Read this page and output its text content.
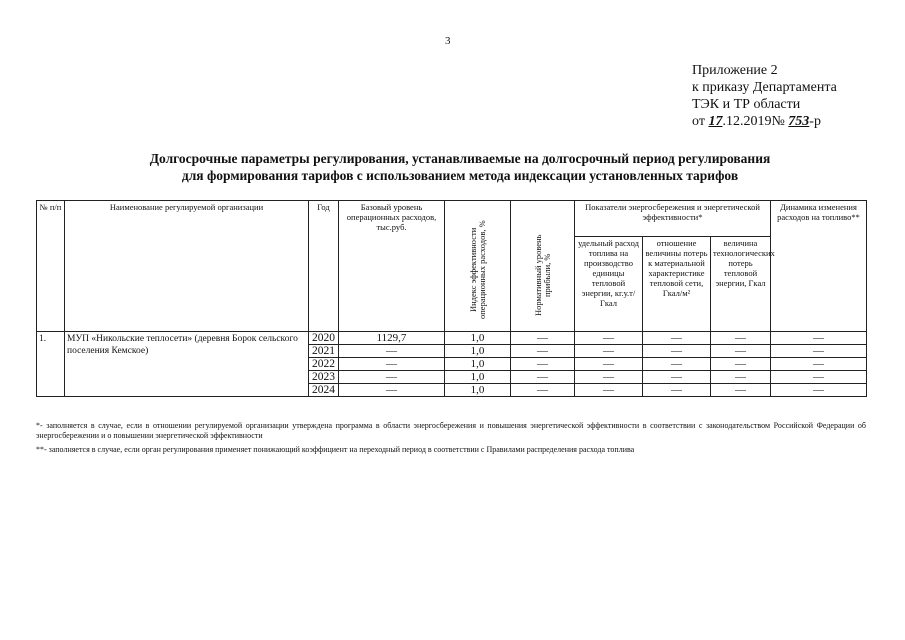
3
Приложение 2
к приказу Департамента
ТЭК и ТР области
от 17.12.2019№ 753-р
Долгосрочные параметры регулирования, устанавливаемые на долгосрочный период регулирования
для формирования тарифов с использованием метода индексации установленных тарифов
№ п/п	Наименование регулируемой организации	Год	Базовый уровень операционных расходов, тыс.руб.	Индекс эффективности операционных расходов, %	Нормативный уровень прибыли, %	Показатели энергосбережения и энергетической эффективности*			Динамика изменения расходов на топливо**
						удельный расход топлива на производство единицы тепловой энергии, кг.у.т/Гкал	отношение величины потерь к материальной характеристике тепловой сети, Гкал/м²	величина технологических потерь тепловой энергии, Гкал	
1.	МУП «Никольские теплосети» (деревня Борок сельского поселения Кемское)	2020	1129,7	1,0	—	—	—	—	—
		2021	—	1,0	—	—	—	—	—
		2022	—	1,0	—	—	—	—	—
		2023	—	1,0	—	—	—	—	—
		2024	—	1,0	—	—	—	—	—
*- заполняется в случае, если в отношении регулируемой организации утверждена программа в области энергосбережения и повышения энергетической эффективности в соответствии с законодательством Российской Федерации об энергосбережении и о повышении энергетической эффективности
**- заполняется в случае, если орган регулирования применяет понижающий коэффициент на переходный период в соответствии с Правилами распределения расхода топлива
